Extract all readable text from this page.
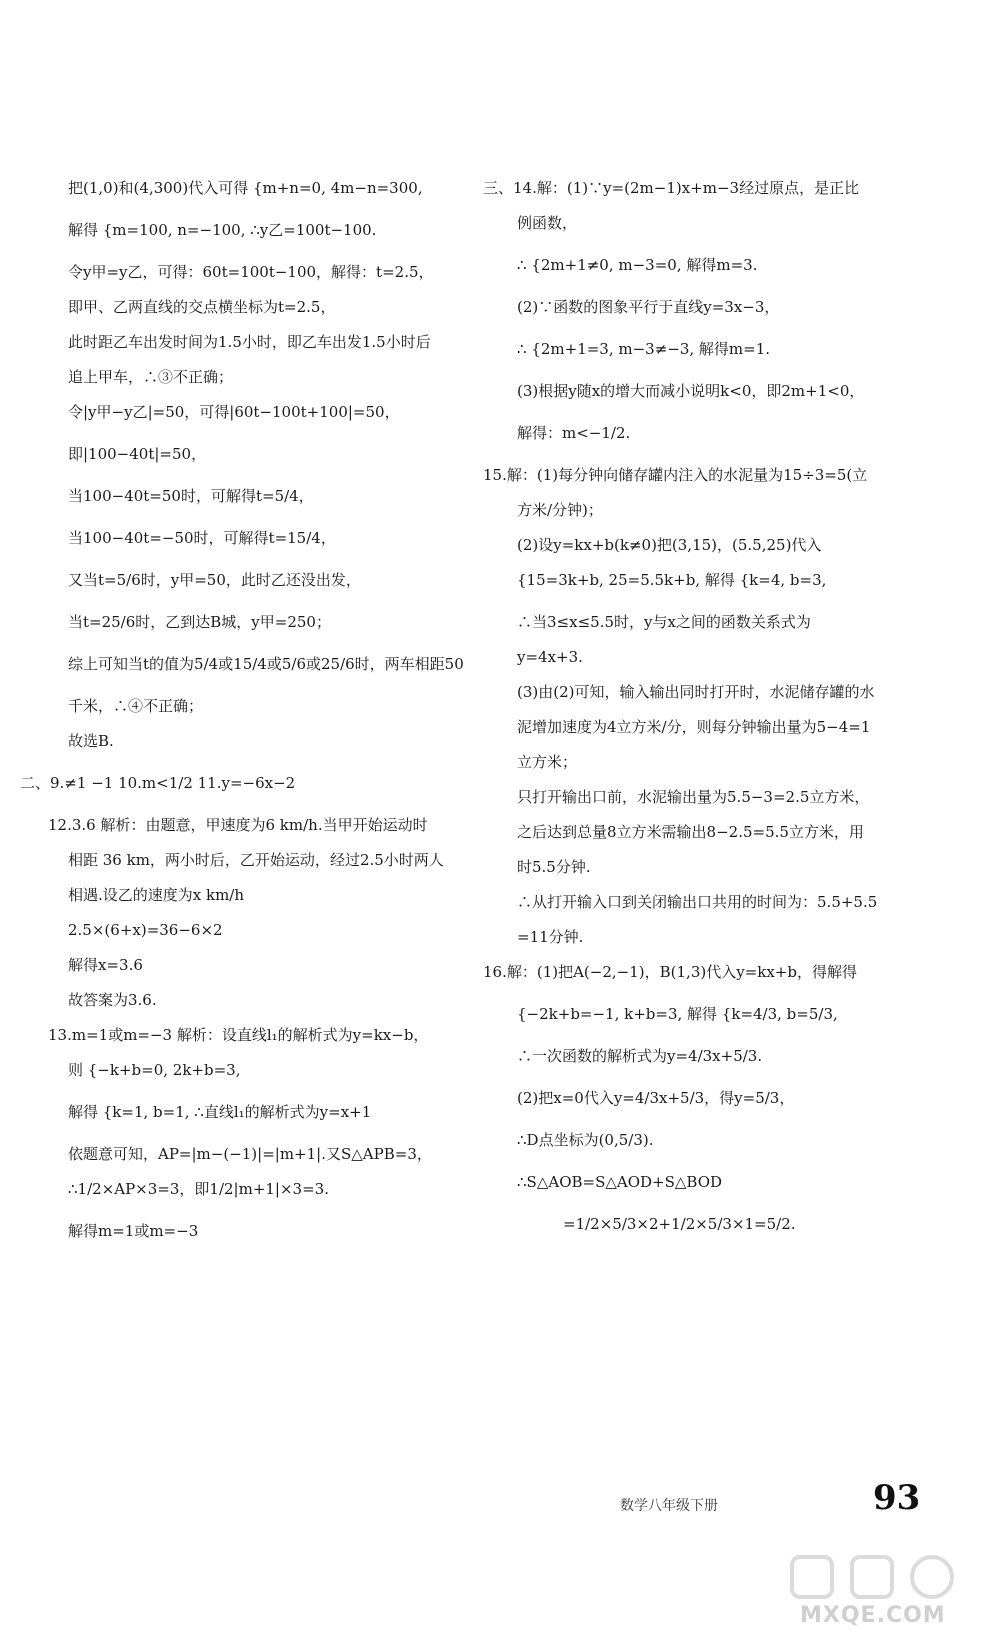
把(1,0)和(4,300)代入可得 {m+n=0, 4m−n=300,
解得 {m=100, n=−100, ∴y乙=100t−100.
令y甲=y乙，可得：60t=100t−100，解得：t=2.5，
即甲、乙两直线的交点横坐标为t=2.5，
此时距乙车出发时间为1.5小时，即乙车出发1.5小时后
追上甲车，∴③不正确；
令|y甲−y乙|=50，可得|60t−100t+100|=50，
即|100−40t|=50，
当100−40t=50时，可解得t=5/4，
当100−40t=−50时，可解得t=15/4，
又当t=5/6时，y甲=50，此时乙还没出发，
当t=25/6时，乙到达B城，y甲=250；
综上可知当t的值为5/4或15/4或5/6或25/6时，两车相距50
千米，∴④不正确；
故选B.
二、9.≠1 −1 10.m<1/2 11.y=−6x−2
12.3.6 解析：由题意，甲速度为6 km/h.当甲开始运动时
相距 36 km，两小时后，乙开始运动，经过2.5小时两人
相遇.设乙的速度为x km/h
2.5×(6+x)=36−6×2
解得x=3.6
故答案为3.6.
13.m=1或m=−3 解析：设直线l₁的解析式为y=kx−b，
则 {−k+b=0, 2k+b=3,
解得 {k=1, b=1, ∴直线l₁的解析式为y=x+1
依题意可知，AP=|m−(−1)|=|m+1|.又S△APB=3，
∴1/2×AP×3=3，即1/2|m+1|×3=3.
解得m=1或m=−3
三、14.解：(1)∵y=(2m−1)x+m−3经过原点，是正比
例函数，
∴ {2m+1≠0, m−3=0, 解得m=3.
(2)∵函数的图象平行于直线y=3x−3，
∴ {2m+1=3, m−3≠−3, 解得m=1.
(3)根据y随x的增大而减小说明k<0，即2m+1<0，
解得：m<−1/2.
15.解：(1)每分钟向储存罐内注入的水泥量为15÷3=5(立
方米/分钟)；
(2)设y=kx+b(k≠0)把(3,15)，(5.5,25)代入
{15=3k+b, 25=5.5k+b, 解得 {k=4, b=3,
∴当3≤x≤5.5时，y与x之间的函数关系式为
y=4x+3.
(3)由(2)可知，输入输出同时打开时，水泥储存罐的水
泥增加速度为4立方米/分，则每分钟输出量为5−4=1
立方米；
只打开输出口前，水泥输出量为5.5−3=2.5立方米，
之后达到总量8立方米需输出8−2.5=5.5立方米，用
时5.5分钟.
∴从打开输入口到关闭输出口共用的时间为：5.5+5.5
=11分钟.
16.解：(1)把A(−2,−1)，B(1,3)代入y=kx+b，得解得
{−2k+b=−1, k+b=3, 解得 {k=4/3, b=5/3,
∴一次函数的解析式为y=4/3x+5/3.
(2)把x=0代入y=4/3x+5/3，得y=5/3，
∴D点坐标为(0,5/3).
∴S△AOB=S△AOD+S△BOD
=1/2×5/3×2+1/2×5/3×1=5/2.
数学八年级下册	93
MXQE.COM
